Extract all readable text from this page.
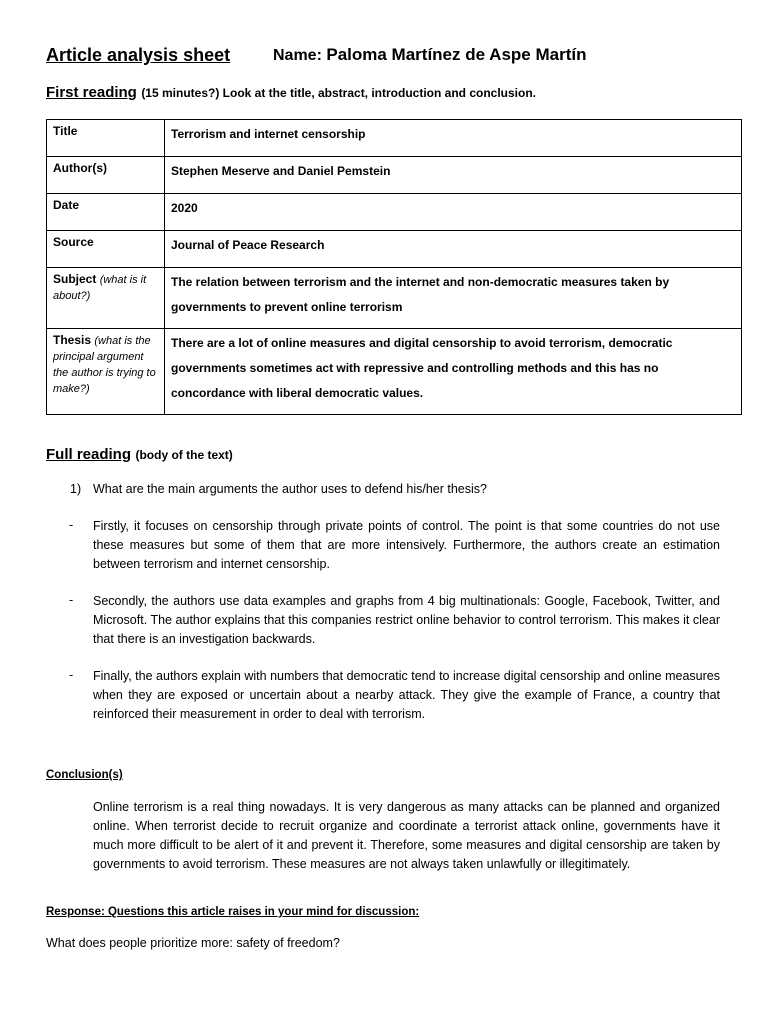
Article analysis sheet	Name: Paloma Martínez de Aspe Martín
First reading (15 minutes?) Look at the title, abstract, introduction and conclusion.
Title	Terrorism and internet censorship
Author(s)	Stephen Meserve and Daniel Pemstein
Date	2020
Source	Journal of Peace Research
Subject (what is it about?)	The relation between terrorism and the internet and non-democratic measures taken by governments to prevent online terrorism
Thesis (what is the principal argument the author is trying to make?)	There are a lot of online measures and digital censorship to avoid terrorism, democratic governments sometimes act with repressive and controlling methods and this has no concordance with liberal democratic values.
Full reading (body of the text)
1) What are the main arguments the author uses to defend his/her thesis?
- Firstly, it focuses on censorship through private points of control. The point is that some countries do not use these measures but some of them that are more intensively. Furthermore, the authors create an estimation between terrorism and internet censorship.
- Secondly, the authors use data examples and graphs from 4 big multinationals: Google, Facebook, Twitter, and Microsoft. The author explains that this companies restrict online behavior to control terrorism. This makes it clear that there is an investigation backwards.
- Finally, the authors explain with numbers that democratic tend to increase digital censorship and online measures when they are exposed or uncertain about a nearby attack. They give the example of France, a country that reinforced their measurement in order to deal with terrorism.
Conclusion(s)
Online terrorism is a real thing nowadays. It is very dangerous as many attacks can be planned and organized online. When terrorist decide to recruit organize and coordinate a terrorist attack online, governments have it much more difficult to be alert of it and prevent it. Therefore, some measures and digital censorship are taken by governments to avoid terrorism. These measures are not always taken unlawfully or illegitimately.
Response: Questions this article raises in your mind for discussion:
What does people prioritize more: safety of freedom?
